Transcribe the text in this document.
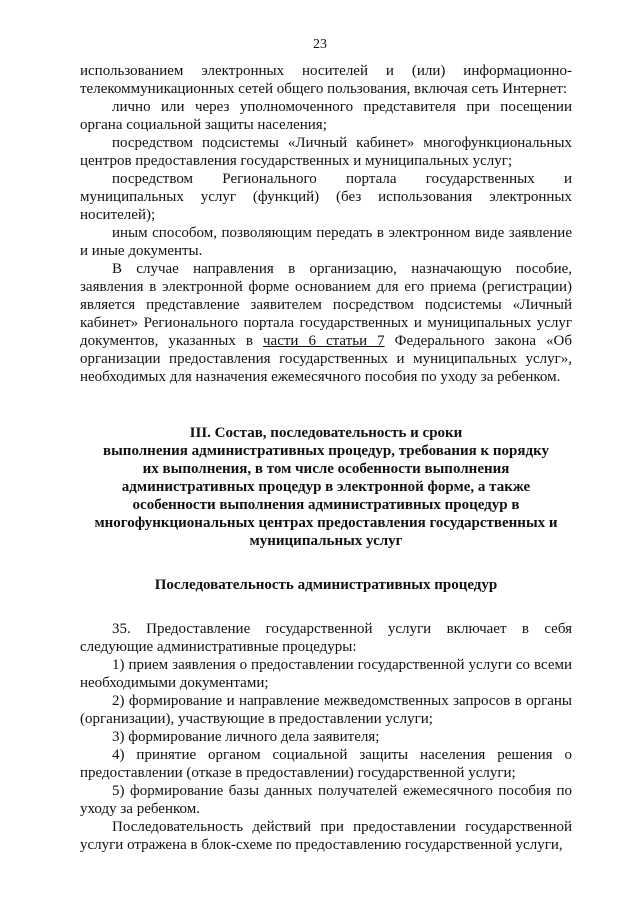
23

использованием электронных носителей и (или) информационно-

телекоммуникационных сетей общего пользования, включая сеть Интернет:

лично или через уполномоченного представителя при посещении органа социальной защиты населения;

посредством подсистемы «Личный кабинет» многофункциональных центров предоставления государственных и муниципальных услуг;

посредством Регионального портала государственных и муниципальных услуг (функций) (без использования электронных носителей);

иным способом, позволяющим передать в электронном виде заявление и иные документы.

В случае направления в организацию, назначающую пособие, заявления в электронной форме основанием для его приема (регистрации) является представление заявителем посредством подсистемы «Личный кабинет» Регионального портала государственных и муниципальных услуг документов, указанных в части 6 статьи 7 Федерального закона «Об организации предоставления государственных и муниципальных услуг», необходимых для назначения ежемесячного пособия по уходу за ребенком.

III. Состав, последовательность и сроки
выполнения административных процедур, требования к порядку
их выполнения, в том числе особенности выполнения
административных процедур в электронной форме, а также
особенности выполнения административных процедур в
многофункциональных центрах предоставления государственных и
муниципальных услуг
Последовательность административных процедур

35. Предоставление государственной услуги включает в себя следующие административные процедуры:

1) прием заявления о предоставлении государственной услуги со всеми необходимыми документами;

2) формирование и направление межведомственных запросов в органы (организации), участвующие в предоставлении услуги;

3) формирование личного дела заявителя;

4) принятие органом социальной защиты населения решения о предоставлении (отказе в предоставлении) государственной услуги;

5) формирование базы данных получателей ежемесячного пособия по уходу за ребенком.

Последовательность действий при предоставлении государственной услуги отражена в блок-схеме по предоставлению государственной услуги,
